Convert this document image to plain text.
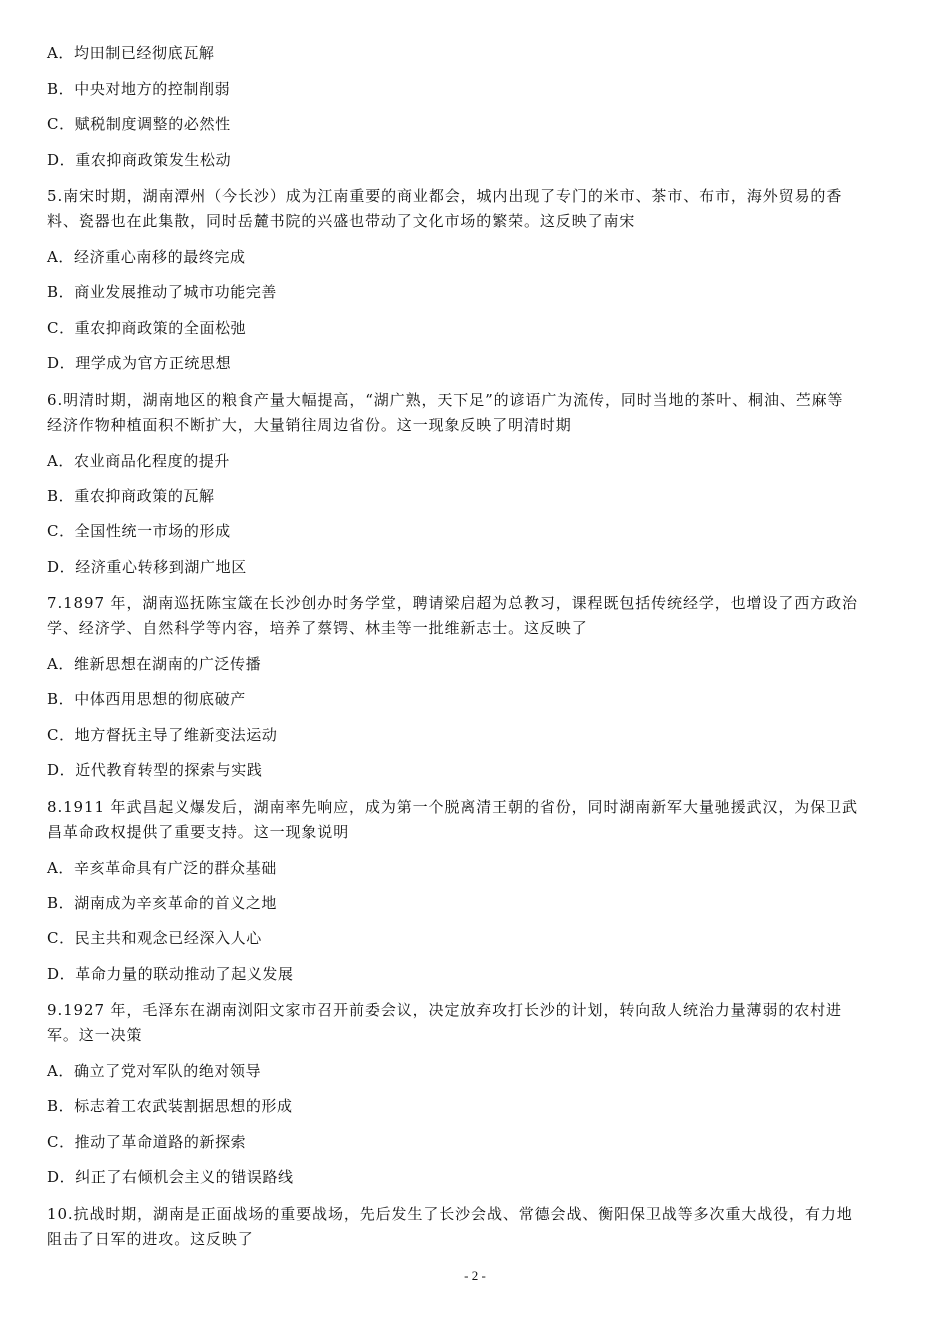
A．均田制已经彻底瓦解
B．中央对地方的控制削弱
C．赋税制度调整的必然性
D．重农抑商政策发生松动
5.南宋时期，湖南潭州（今长沙）成为江南重要的商业都会，城内出现了专门的米市、茶市、布市，海外贸易的香
料、瓷器也在此集散，同时岳麓书院的兴盛也带动了文化市场的繁荣。这反映了南宋
A．经济重心南移的最终完成
B．商业发展推动了城市功能完善
C．重农抑商政策的全面松弛
D．理学成为官方正统思想
6.明清时期，湖南地区的粮食产量大幅提高，“湖广熟，天下足”的谚语广为流传，同时当地的茶叶、桐油、苎麻等
经济作物种植面积不断扩大，大量销往周边省份。这一现象反映了明清时期
A．农业商品化程度的提升
B．重农抑商政策的瓦解
C．全国性统一市场的形成
D．经济重心转移到湖广地区
7.1897 年，湖南巡抚陈宝箴在长沙创办时务学堂，聘请梁启超为总教习，课程既包括传统经学，也增设了西方政治
学、经济学、自然科学等内容，培养了蔡锷、林圭等一批维新志士。这反映了
A．维新思想在湖南的广泛传播
B．中体西用思想的彻底破产
C．地方督抚主导了维新变法运动
D．近代教育转型的探索与实践
8.1911 年武昌起义爆发后，湖南率先响应，成为第一个脱离清王朝的省份，同时湖南新军大量驰援武汉，为保卫武
昌革命政权提供了重要支持。这一现象说明
A．辛亥革命具有广泛的群众基础
B．湖南成为辛亥革命的首义之地
C．民主共和观念已经深入人心
D．革命力量的联动推动了起义发展
9.1927 年，毛泽东在湖南浏阳文家市召开前委会议，决定放弃攻打长沙的计划，转向敌人统治力量薄弱的农村进
军。这一决策
A．确立了党对军队的绝对领导
B．标志着工农武装割据思想的形成
C．推动了革命道路的新探索
D．纠正了右倾机会主义的错误路线
10.抗战时期，湖南是正面战场的重要战场，先后发生了长沙会战、常德会战、衡阳保卫战等多次重大战役，有力地
阻击了日军的进攻。这反映了
- 2 -
